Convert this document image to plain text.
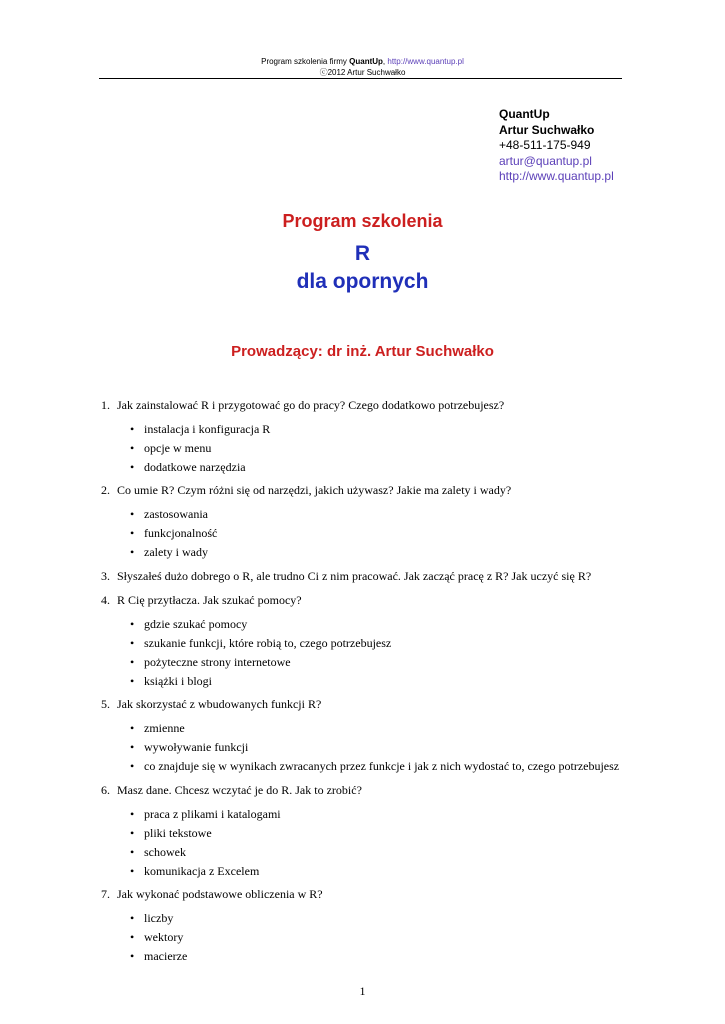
Program szkolenia firmy QuantUp, http://www.quantup.pl
ⓒ2012 Artur Suchwałko
QuantUp
Artur Suchwałko
+48-511-175-949
artur@quantup.pl
http://www.quantup.pl
Program szkolenia
R
dla opornych
Prowadzący: dr inż. Artur Suchwałko
1. Jak zainstalować R i przygotować go do pracy? Czego dodatkowo potrzebujesz?
• instalacja i konfiguracja R
• opcje w menu
• dodatkowe narzędzia
2. Co umie R? Czym różni się od narzędzi, jakich używasz? Jakie ma zalety i wady?
• zastosowania
• funkcjonalność
• zalety i wady
3. Słyszałeś dużo dobrego o R, ale trudno Ci z nim pracować. Jak zacząć pracę z R? Jak uczyć się R?
4. R Cię przytłacza. Jak szukać pomocy?
• gdzie szukać pomocy
• szukanie funkcji, które robią to, czego potrzebujesz
• pożyteczne strony internetowe
• książki i blogi
5. Jak skorzystać z wbudowanych funkcji R?
• zmienne
• wywoływanie funkcji
• co znajduje się w wynikach zwracanych przez funkcje i jak z nich wydostać to, czego potrzebujesz
6. Masz dane. Chcesz wczytać je do R. Jak to zrobić?
• praca z plikami i katalogami
• pliki tekstowe
• schowek
• komunikacja z Excelem
7. Jak wykonać podstawowe obliczenia w R?
• liczby
• wektory
• macierze
1
